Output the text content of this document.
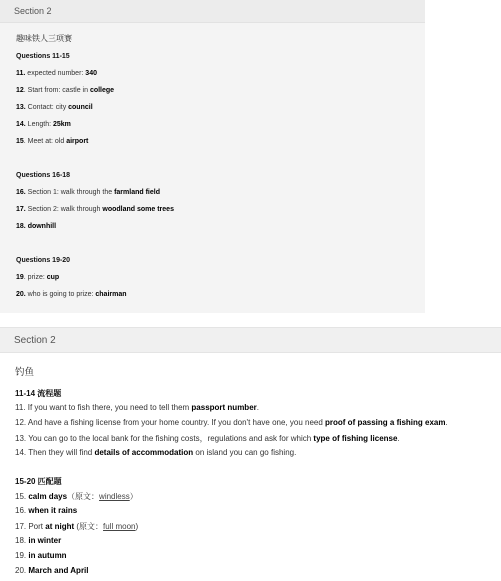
Section 2
趣味铁人三项赛
Questions 11-15
11. expected number: 340
12. Start from: castle in college
13. Contact: city council
14. Length: 25km
15. Meet at: old airport
Questions 16-18
16. Section 1: walk through the farmland field
17. Section 2: walk through woodland some trees
18. downhill
Questions 19-20
19. prize: cup
20. who is going to prize: chairman
Section 2
钓鱼
11-14 流程题
11. If you want to fish there, you need to tell them passport number.
12. And have a fishing license from your home country. If you don't have one, you need proof of passing a fishing exam.
13. You can go to the local bank for the fishing costs，regulations and ask for which type of fishing license.
14. Then they will find details of accommodation on island you can go fishing.
15-20 匹配题
15. calm days（原文：windless）
16. when it rains
17. Port at night (原文：full moon)
18. in winter
19. in autumn
20. March and April
